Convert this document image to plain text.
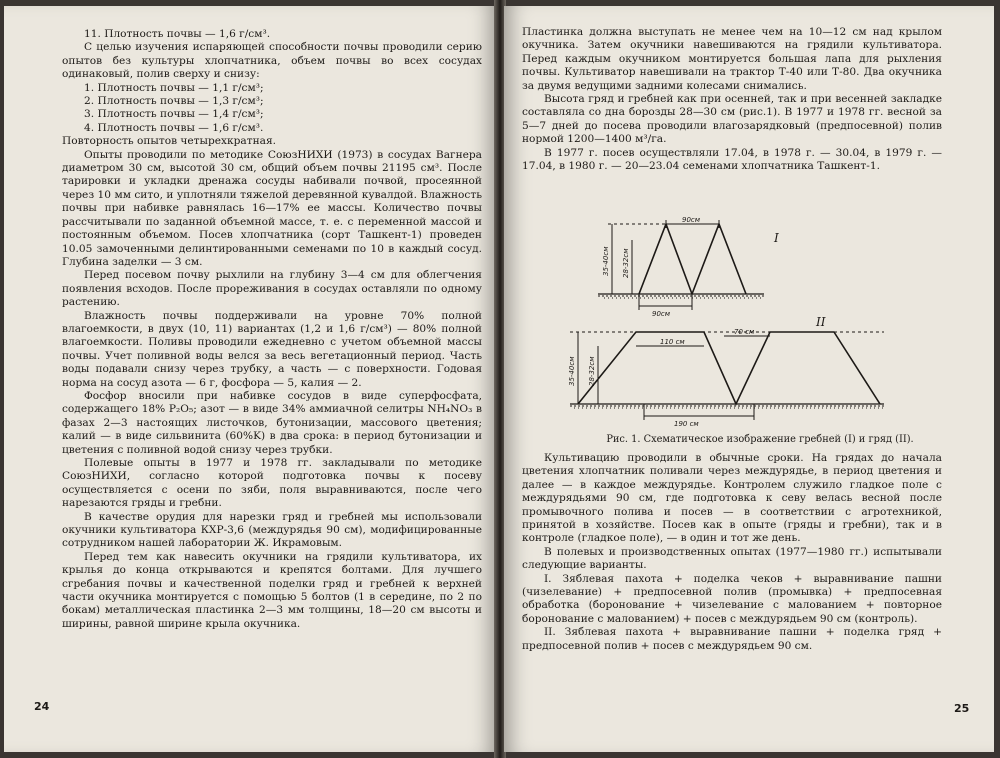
11. Плотность почвы — 1,6 г/см³.

С целью изучения испаряющей способности почвы проводили серию опытов без культуры хлопчатника, объем почвы во всех сосудах одинаковый, полив сверху и снизу:

1. Плотность почвы — 1,1 г/см³;

2. Плотность почвы — 1,3 г/см³;

3. Плотность почвы — 1,4 г/см³;

4. Плотность почвы — 1,6 г/см³.

Повторность опытов четырехкратная.

Опыты проводили по методике СоюзНИХИ (1973) в сосудах Вагнера диаметром 30 см, высотой 30 см, общий объем почвы 21195 см³. После тарировки и укладки дренажа сосуды набивали почвой, просеянной через 10 мм сито, и уплотняли тяжелой деревянной кувалдой. Влажность почвы при набивке равнялась 16—17% ее массы. Количество почвы рассчитывали по заданной объемной массе, т. е. с переменной массой и постоянным объемом. Посев хлопчатника (сорт Ташкент-1) проведен 10.05 замоченными делинтированными семенами по 10 в каждый сосуд. Глубина заделки — 3 см.

Перед посевом почву рыхлили на глубину 3—4 см для облегчения появления всходов. После прореживания в сосудах оставляли по одному растению.

Влажность почвы поддерживали на уровне 70% полной влагоемкости, в двух (10, 11) вариантах (1,2 и 1,6 г/см³) — 80% полной влагоемкости. Поливы проводили ежедневно с учетом объемной массы почвы. Учет поливной воды велся за весь вегетационный период. Часть воды подавали снизу через трубку, а часть — с поверхности. Годовая норма на сосуд азота — 6 г, фосфора — 5, калия — 2.

Фосфор вносили при набивке сосудов в виде суперфосфата, содержащего 18% P₂O₅; азот — в виде 34% аммиачной селитры NH₄NO₃ в фазах 2—3 настоящих листочков, бутонизации, массового цветения; калий — в виде сильвинита (60%K) в два срока: в период бутонизации и цветения с поливной водой снизу через трубки.

Полевые опыты в 1977 и 1978 гг. закладывали по методике СоюзНИХИ, согласно которой подготовка почвы к посеву осуществляется с осени по зяби, поля выравниваются, после чего нарезаются гряды и гребни.

В качестве орудия для нарезки гряд и гребней мы использовали окучники культиватора КХР-3,6 (междурядья 90 см), модифицированные сотрудником нашей лаборатории Ж. Икрамовым.

Перед тем как навесить окучники на грядили культиватора, их крылья до конца открываются и крепятся болтами. Для лучшего сгребания почвы и качественной поделки гряд и гребней к верхней части окучника монтируется с помощью 5 болтов (1 в середине, по 2 по бокам) металлическая пластинка 2—3 мм толщины, 18—20 см высоты и ширины, равной ширине крыла окучника.

24

Пластинка должна выступать не менее чем на 10—12 см над крылом окучника. Затем окучники навешиваются на грядили культиватора. Перед каждым окучником монтируется большая лапа для рыхления почвы. Культиватор навешивали на трактор Т-40 или Т-80. Два окучника за двумя ведущими задними колесами снимались.

Высота гряд и гребней как при осенней, так и при весенней закладке составляла со дна борозды 28—30 см (рис.1). В 1977 и 1978 гг. весной за 5—7 дней до посева проводили влагозарядковый (предпосевной) полив нормой 1200—1400 м³/га.

В 1977 г. посев осуществляли 17.04, в 1978 г. — 30.04, в 1979 г. — 17.04, в 1980 г. — 20—23.04 семенами хлопчатника Ташкент-1.

90см
90см
35-40см 28-32см
I
110 см
70 см
190 см
35-40см 28-32см
II
Рис. 1. Схематическое изображение гребней (I) и гряд (II).

Культивацию проводили в обычные сроки. На грядах до начала цветения хлопчатник поливали через междурядье, в период цветения и далее — в каждое междурядье. Контролем служило гладкое поле с междурядьями 90 см, где подготовка к севу велась весной после промывочного полива и посев — в соответствии с агротехникой, принятой в хозяйстве. Посев как в опыте (гряды и гребни), так и в контроле (гладкое поле), — в один и тот же день.

В полевых и производственных опытах (1977—1980 гг.) испытывали следующие варианты.

I. Зяблевая пахота + поделка чеков + выравнивание пашни (чизелевание) + предпосевной полив (промывка) + предпосевная обработка (боронование + чизелевание с малованием + повторное боронование с малованием) + посев с междурядьем 90 см (контроль).

II. Зяблевая пахота + выравнивание пашни + поделка гряд + предпосевной полив + посев с междурядьем 90 см.

25
